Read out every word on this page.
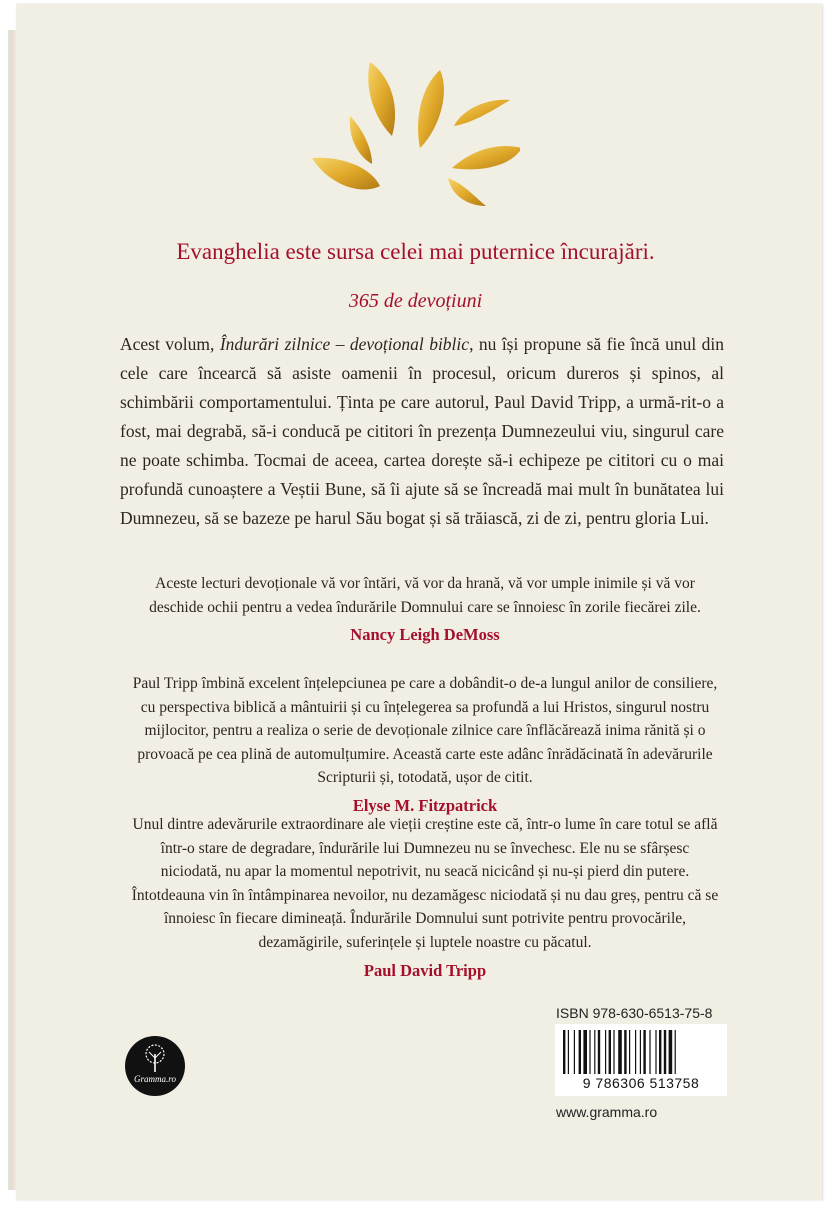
Evanghelia este sursa celei mai puternice încurajări.
365 de devoțiuni

Acest volum, Îndurări zilnice – devoțional biblic, nu își propune să fie încă unul din cele care încearcă să asiste oamenii în procesul, oricum dureros și spinos, al schimbării comportamentului. Ținta pe care autorul, Paul David Tripp, a urmă-rit-o a fost, mai degrabă, să-i conducă pe cititori în prezența Dumnezeului viu, singurul care ne poate schimba. Tocmai de aceea, cartea dorește să-i echipeze pe cititori cu o mai profundă cunoaștere a Veștii Bune, să îi ajute să se încreadă mai mult în bunătatea lui Dumnezeu, să se bazeze pe harul Său bogat și să trăiască, zi de zi, pentru gloria Lui.

Aceste lecturi devoționale vă vor întări, vă vor da hrană, vă vor umple inimile și vă vor deschide ochii pentru a vedea îndurările Domnului care se înnoiesc în zorile fiecărei zile.

Nancy Leigh DeMoss

Paul Tripp îmbină excelent înțelepciunea pe care a dobândit-o de-a lungul anilor de consiliere, cu perspectiva biblică a mântuirii și cu înțelegerea sa profundă a lui Hristos, singurul nostru mijlocitor, pentru a realiza o serie de devoționale zilnice care înflăcărează inima rănită și o provoacă pe cea plină de automulțumire. Această carte este adânc înrădăcinată în adevărurile Scripturii și, totodată, ușor de citit.

Elyse M. Fitzpatrick

Unul dintre adevărurile extraordinare ale vieții creștine este că, într-o lume în care totul se află într-o stare de degradare, îndurările lui Dumnezeu nu se învechesc. Ele nu se sfârșesc niciodată, nu apar la momentul nepotrivit, nu seacă nicicând și nu-și pierd din putere. Întotdeauna vin în întâmpinarea nevoilor, nu dezamăgesc niciodată și nu dau greș, pentru că se înnoiesc în fiecare dimineață. Îndurările Domnului sunt potrivite pentru provocările, dezamăgirile, suferințele și luptele noastre cu păcatul.

Paul David Tripp
Gramma.ro
ISBN 978-630-6513-75-8
9 786306 513758
www.gramma.ro
